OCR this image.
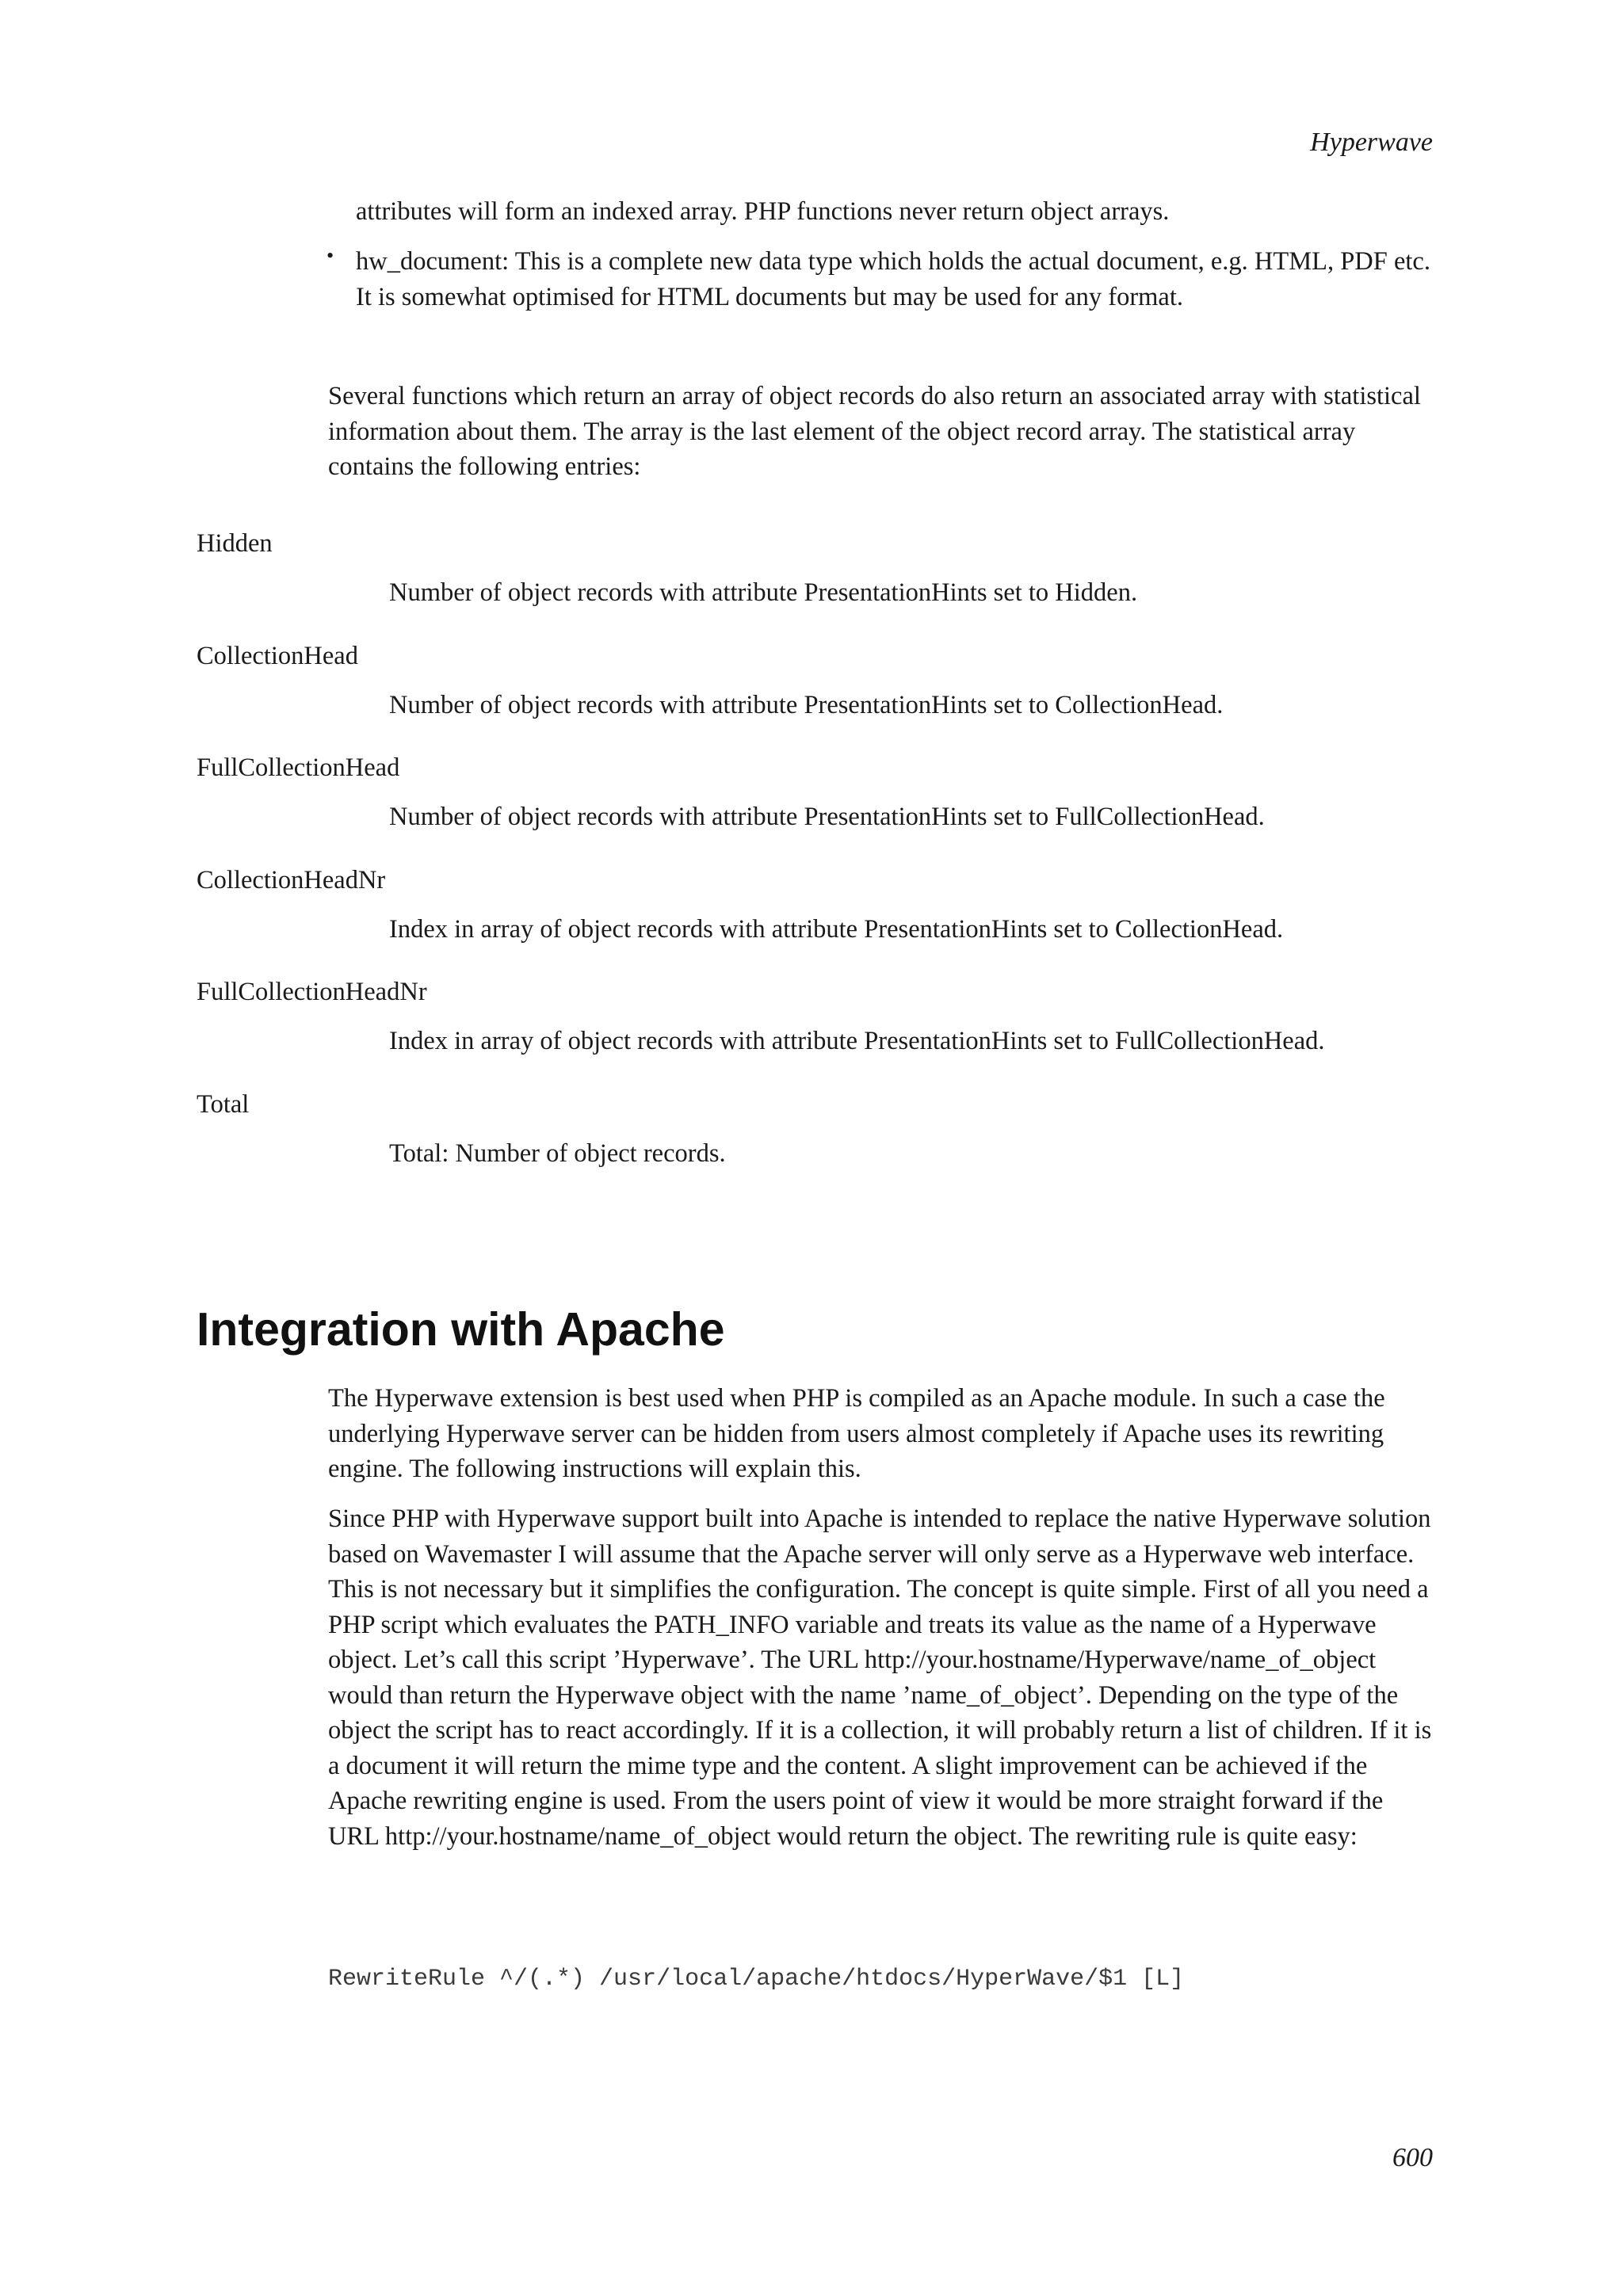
Hyperwave

attributes will form an indexed array. PHP functions never return object arrays.

• hw_document: This is a complete new data type which holds the actual document, e.g. HTML, PDF etc. It is somewhat optimised for HTML documents but may be used for any format.

Several functions which return an array of object records do also return an associated array with statistical information about them. The array is the last element of the object record array. The statistical array contains the following entries:

Hidden
Number of object records with attribute PresentationHints set to Hidden.
CollectionHead
Number of object records with attribute PresentationHints set to CollectionHead.
FullCollectionHead
Number of object records with attribute PresentationHints set to FullCollectionHead.
CollectionHeadNr
Index in array of object records with attribute PresentationHints set to CollectionHead.
FullCollectionHeadNr
Index in array of object records with attribute PresentationHints set to FullCollectionHead.
Total
Total: Number of object records.
Integration with Apache

The Hyperwave extension is best used when PHP is compiled as an Apache module. In such a case the underlying Hyperwave server can be hidden from users almost completely if Apache uses its rewriting engine. The following instructions will explain this.

Since PHP with Hyperwave support built into Apache is intended to replace the native Hyperwave solution based on Wavemaster I will assume that the Apache server will only serve as a Hyperwave web interface. This is not necessary but it simplifies the configuration. The concept is quite simple. First of all you need a PHP script which evaluates the PATH_INFO variable and treats its value as the name of a Hyperwave object. Let’s call this script ’Hyperwave’. The URL http://your.hostname/Hyperwave/name_of_object would than return the Hyperwave object with the name ’name_of_object’. Depending on the type of the object the script has to react accordingly. If it is a collection, it will probably return a list of children. If it is a document it will return the mime type and the content. A slight improvement can be achieved if the Apache rewriting engine is used. From the users point of view it would be more straight forward if the URL http://your.hostname/name_of_object would return the object. The rewriting rule is quite easy:

RewriteRule ^/(.*) /usr/local/apache/htdocs/HyperWave/$1 [L]
600
